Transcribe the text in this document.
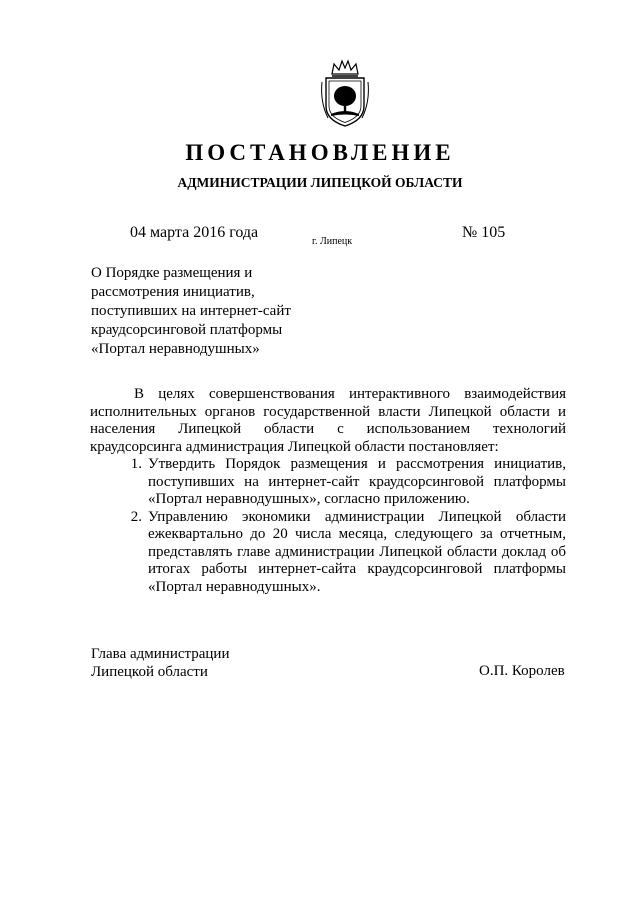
ПОСТАНОВЛЕНИЕ
АДМИНИСТРАЦИИ ЛИПЕЦКОЙ ОБЛАСТИ
04 марта 2016 года
г. Липецк
№ 105
О Порядке размещения и
рассмотрения инициатив,
поступивших на интернет-сайт
краудсорсинговой платформы
«Портал неравнодушных»
В целях совершенствования интерактивного взаимодействия исполнительных органов государственной власти Липецкой области и населения Липецкой области с использованием технологий краудсорсинга администрация Липецкой области постановляет:
1. Утвердить Порядок размещения и рассмотрения инициатив, поступивших на интернет-сайт краудсорсинговой платформы «Портал неравнодушных», согласно приложению.
2. Управлению экономики администрации Липецкой области ежеквартально до 20 числа месяца, следующего за отчетным, представлять главе администрации Липецкой области доклад об итогах работы интернет-сайта краудсорсинговой платформы «Портал неравнодушных».
Глава администрации
Липецкой области	О.П. Королев
